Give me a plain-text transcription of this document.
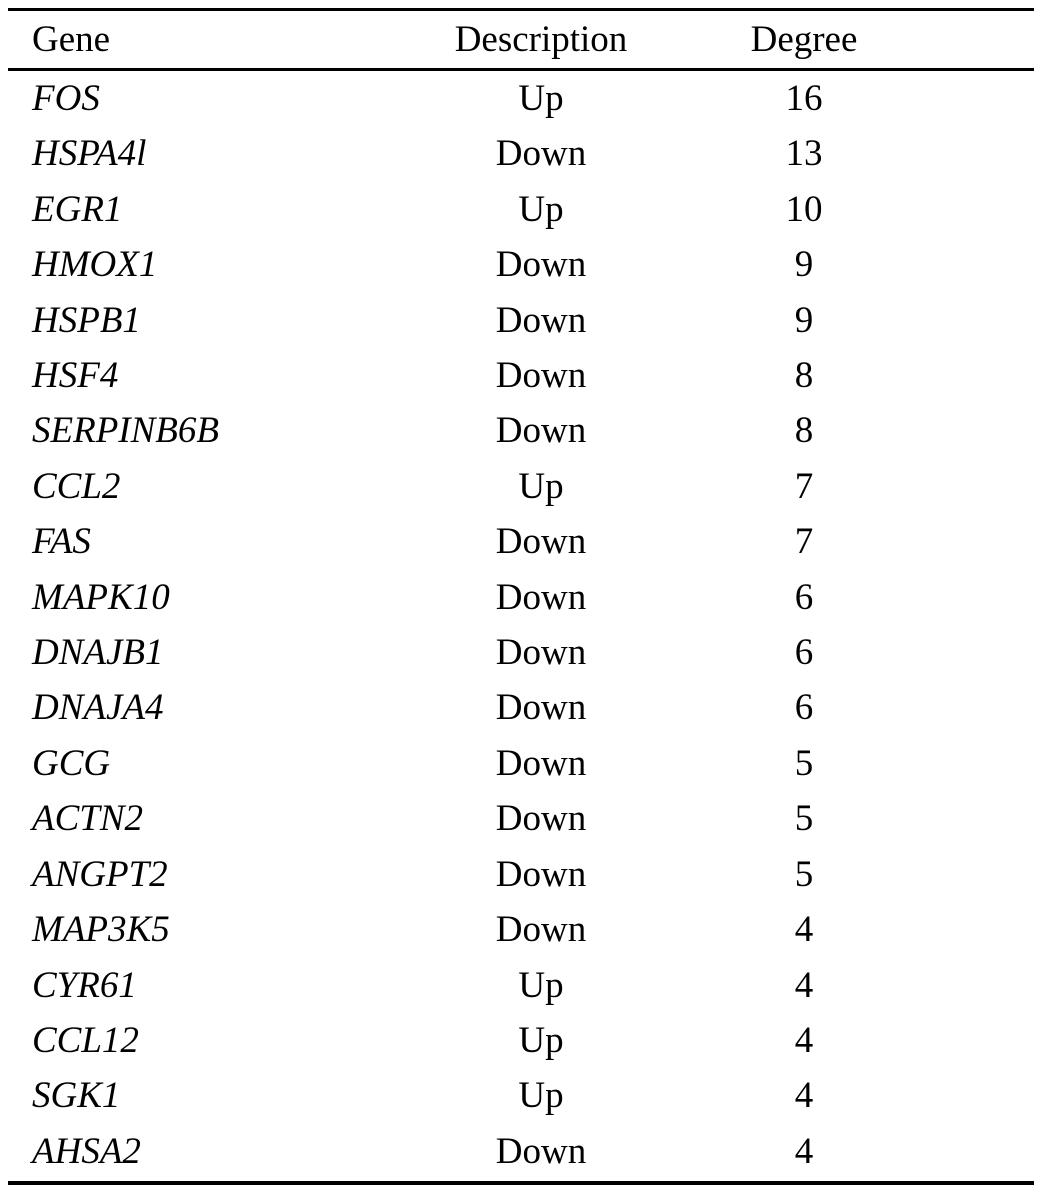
Gene	Description	Degree
FOS	Up	16
HSPA4l	Down	13
EGR1	Up	10
HMOX1	Down	9
HSPB1	Down	9
HSF4	Down	8
SERPINB6B	Down	8
CCL2	Up	7
FAS	Down	7
MAPK10	Down	6
DNAJB1	Down	6
DNAJA4	Down	6
GCG	Down	5
ACTN2	Down	5
ANGPT2	Down	5
MAP3K5	Down	4
CYR61	Up	4
CCL12	Up	4
SGK1	Up	4
AHSA2	Down	4
